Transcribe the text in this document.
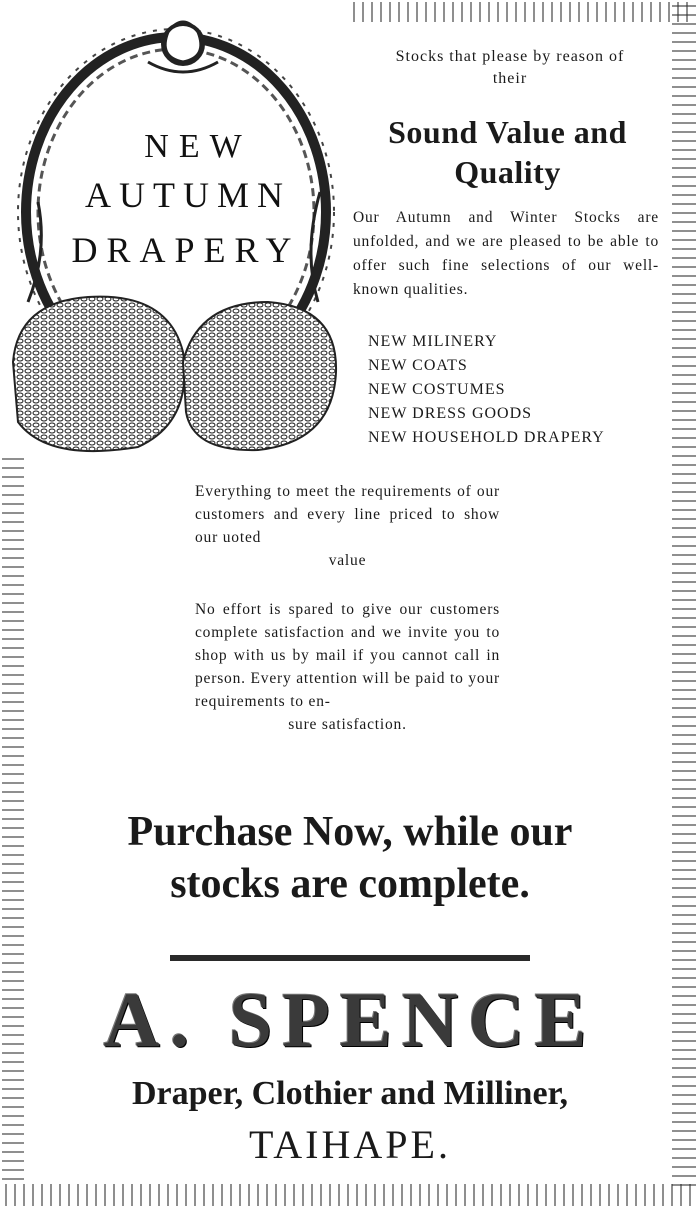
NEW
AUTUMN
DRAPERY
Stocks that please by reason of
their
Sound Value and
Quality
Our Autumn and Winter Stocks are unfolded, and we are pleased to be able to offer such fine selections of our well-known qualities.
NEW MILINERY
NEW COATS
NEW COSTUMES
NEW DRESS GOODS
NEW HOUSEHOLD DRAPERY
Everything to meet the requirements of our customers and every line priced to show our uoted
value
No effort is spared to give our customers complete satisfaction and we invite you to shop with us by mail if you cannot call in person. Every attention will be paid to your requirements to en-
sure satisfaction.
Purchase Now, while our
stocks are complete.
A. SPENCE
Draper, Clothier and Milliner,
TAIHAPE.
